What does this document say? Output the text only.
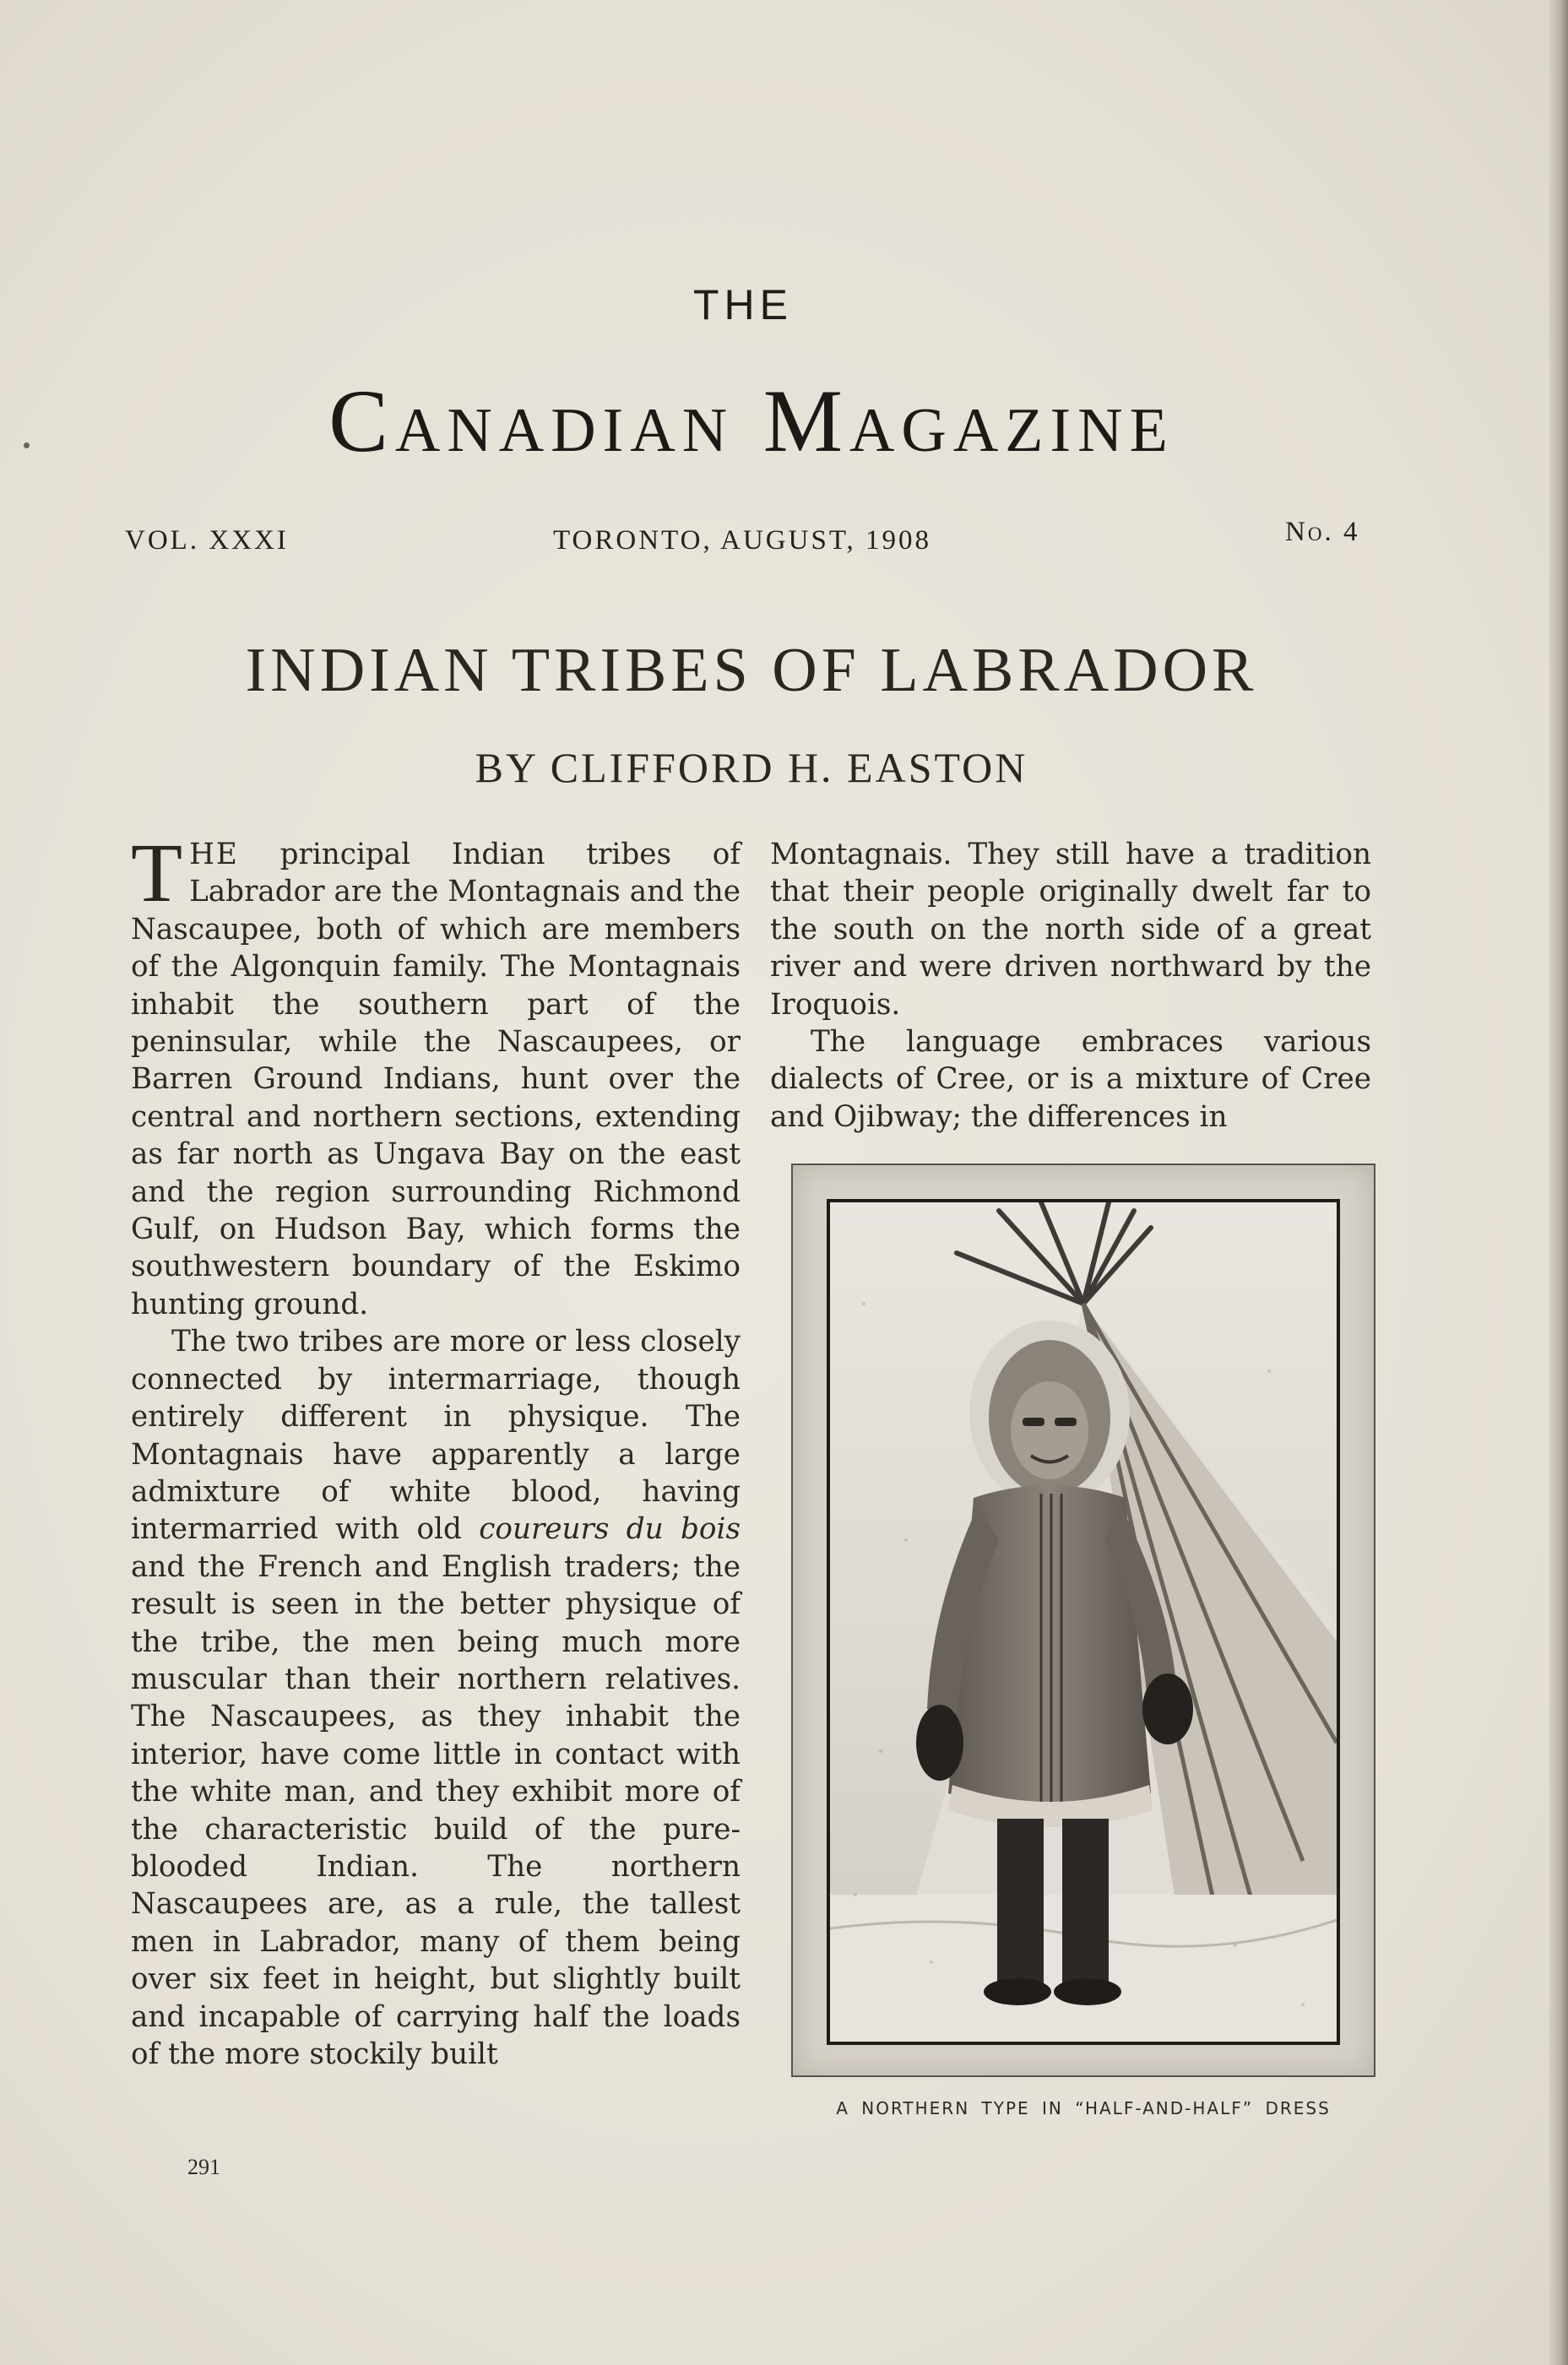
THE
Canadian Magazine
VOL. XXXI	TORONTO, AUGUST, 1908	No. 4
INDIAN TRIBES OF LABRADOR
BY CLIFFORD H. EASTON

THE principal Indian tribes of Labrador are the Montagnais and the Nascaupee, both of which are members of the Algonquin family. The Montagnais inhabit the southern part of the peninsular, while the Nascaupees, or Barren Ground Indians, hunt over the central and northern sections, extending as far north as Ungava Bay on the east and the region surrounding Richmond Gulf, on Hudson Bay, which forms the southwestern boundary of the Eskimo hunting ground.

The two tribes are more or less closely connected by intermarriage, though entirely different in physique. The Montagnais have apparently a large admixture of white blood, having intermarried with old coureurs du bois and the French and English traders; the result is seen in the better physique of the tribe, the men being much more muscular than their northern relatives. The Nascaupees, as they inhabit the interior, have come little in contact with the white man, and they exhibit more of the characteristic build of the pure-blooded Indian. The northern Nascaupees are, as a rule, the tallest men in Labrador, many of them being over six feet in height, but slightly built and incapable of carrying half the loads of the more stockily built

Montagnais. They still have a tradition that their people originally dwelt far to the south on the north side of a great river and were driven northward by the Iroquois.

The language embraces various dialects of Cree, or is a mixture of Cree and Ojibway; the differences in

A NORTHERN TYPE IN “HALF-AND-HALF” DRESS
291
